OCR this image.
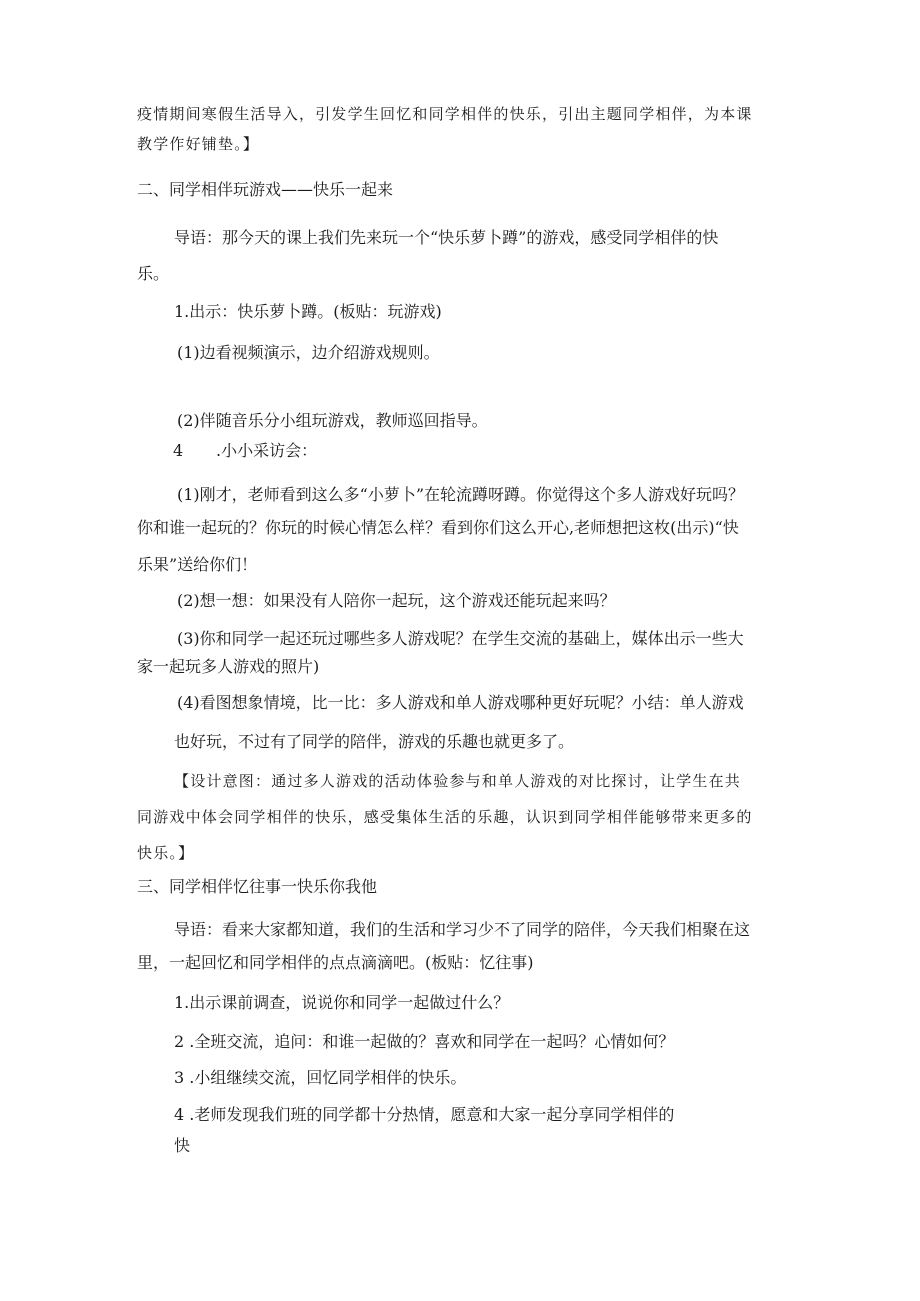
疫情期间寒假生活导入，引发学生回忆和同学相伴的快乐，引出主题同学相伴，为本课

教学作好铺垫。】

二、同学相伴玩游戏——快乐一起来

导语：那今天的课上我们先来玩一个“快乐萝卜蹲”的游戏，感受同学相伴的快

乐。

1.出示：快乐萝卜蹲。(板贴：玩游戏)

(1)边看视频演示，边介绍游戏规则。

(2)伴随音乐分小组玩游戏，教师巡回指导。

4 .小小采访会：

(1)刚才，老师看到这么多“小萝卜”在轮流蹲呀蹲。你觉得这个多人游戏好玩吗？

你和谁一起玩的？你玩的时候心情怎么样？看到你们这么开心,老师想把这枚(出示)“快

乐果”送给你们！

(2)想一想：如果没有人陪你一起玩，这个游戏还能玩起来吗？

(3)你和同学一起还玩过哪些多人游戏呢？在学生交流的基础上，媒体出示一些大

家一起玩多人游戏的照片)

(4)看图想象情境，比一比：多人游戏和单人游戏哪种更好玩呢？小结：单人游戏

也好玩，不过有了同学的陪伴，游戏的乐趣也就更多了。

【设计意图：通过多人游戏的活动体验参与和单人游戏的对比探讨，让学生在共

同游戏中体会同学相伴的快乐，感受集体生活的乐趣，认识到同学相伴能够带来更多的

快乐。】

三、同学相伴忆往事一快乐你我他

导语：看来大家都知道，我们的生活和学习少不了同学的陪伴，今天我们相聚在这

里，一起回忆和同学相伴的点点滴滴吧。(板贴：忆往事)

1.出示课前调查，说说你和同学一起做过什么？

2 .全班交流，追问：和谁一起做的？喜欢和同学在一起吗？心情如何？

3 .小组继续交流，回忆同学相伴的快乐。

4 .老师发现我们班的同学都十分热情，愿意和大家一起分享同学相伴的

快
